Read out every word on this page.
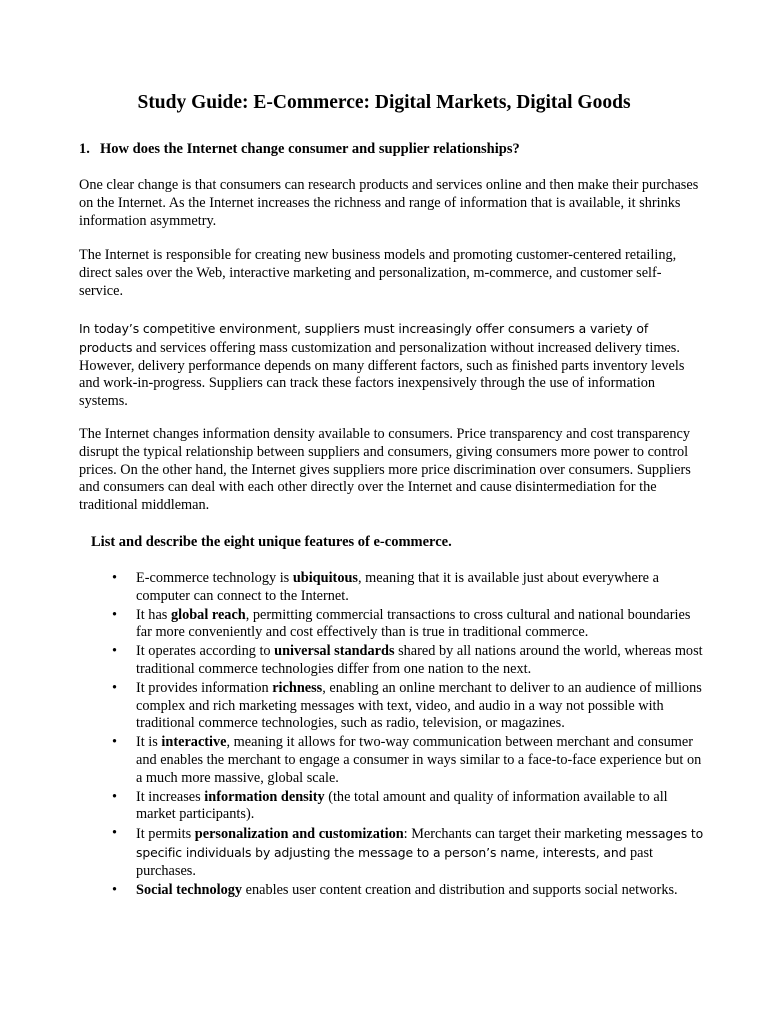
Study Guide: E-Commerce: Digital Markets, Digital Goods

1. How does the Internet change consumer and supplier relationships?

One clear change is that consumers can research products and services online and then make their purchases on the Internet. As the Internet increases the richness and range of information that is available, it shrinks information asymmetry.

The Internet is responsible for creating new business models and promoting customer-centered retailing, direct sales over the Web, interactive marketing and personalization, m-commerce, and customer self-service.

In today’s competitive environment, suppliers must increasingly offer consumers a variety of products and services offering mass customization and personalization without increased delivery times. However, delivery performance depends on many different factors, such as finished parts inventory levels and work-in-progress. Suppliers can track these factors inexpensively through the use of information systems.

The Internet changes information density available to consumers. Price transparency and cost transparency disrupt the typical relationship between suppliers and consumers, giving consumers more power to control prices. On the other hand, the Internet gives suppliers more price discrimination over consumers. Suppliers and consumers can deal with each other directly over the Internet and cause disintermediation for the traditional middleman.

List and describe the eight unique features of e-commerce.

• E-commerce technology is ubiquitous, meaning that it is available just about everywhere a computer can connect to the Internet.
• It has global reach, permitting commercial transactions to cross cultural and national boundaries far more conveniently and cost effectively than is true in traditional commerce.
• It operates according to universal standards shared by all nations around the world, whereas most traditional commerce technologies differ from one nation to the next.
• It provides information richness, enabling an online merchant to deliver to an audience of millions complex and rich marketing messages with text, video, and audio in a way not possible with traditional commerce technologies, such as radio, television, or magazines.
• It is interactive, meaning it allows for two-way communication between merchant and consumer and enables the merchant to engage a consumer in ways similar to a face-to-face experience but on a much more massive, global scale.
• It increases information density (the total amount and quality of information available to all market participants).
• It permits personalization and customization: Merchants can target their marketing messages to specific individuals by adjusting the message to a person’s name, interests, and past purchases.
• Social technology enables user content creation and distribution and supports social networks.
